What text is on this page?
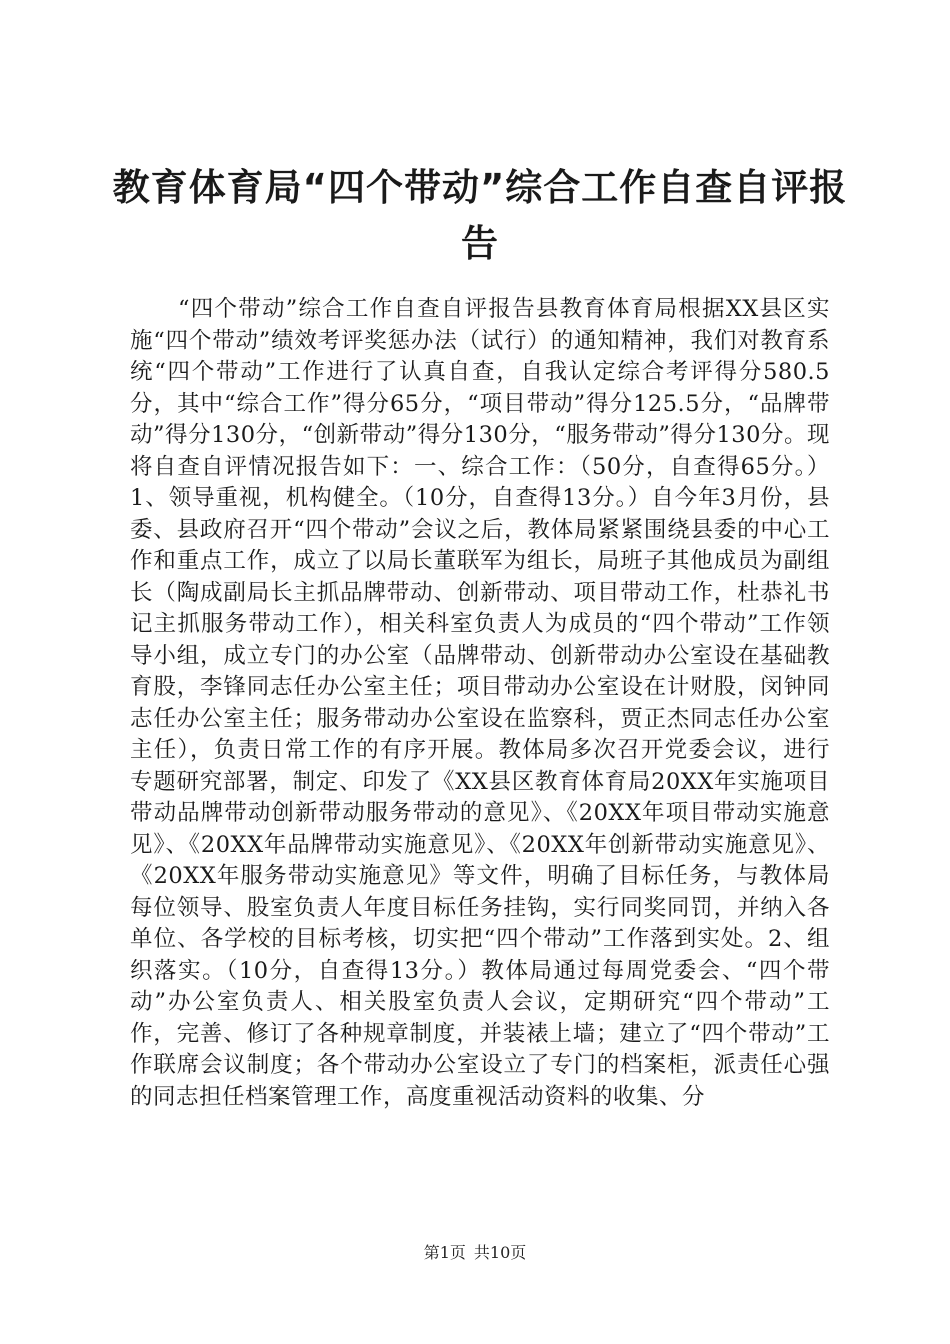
教育体育局“四个带动”综合工作自查自评报告

“四个带动”综合工作自查自评报告县教育体育局根据XX县区实施“四个带动”绩效考评奖惩办法（试行）的通知精神，我们对教育系统“四个带动”工作进行了认真自查，自我认定综合考评得分580.5分，其中“综合工作”得分65分，“项目带动”得分125.5分，“品牌带动”得分130分，“创新带动”得分130分，“服务带动”得分130分。现将自查自评情况报告如下：一、综合工作：（50分，自查得65分。）1、领导重视，机构健全。（10分，自查得13分。）自今年3月份，县委、县政府召开“四个带动”会议之后，教体局紧紧围绕县委的中心工作和重点工作，成立了以局长董联军为组长，局班子其他成员为副组长（陶成副局长主抓品牌带动、创新带动、项目带动工作，杜恭礼书记主抓服务带动工作），相关科室负责人为成员的“四个带动”工作领导小组，成立专门的办公室（品牌带动、创新带动办公室设在基础教育股，李锋同志任办公室主任；项目带动办公室设在计财股，闵钟同志任办公室主任；服务带动办公室设在监察科，贾正杰同志任办公室主任），负责日常工作的有序开展。教体局多次召开党委会议，进行专题研究部署，制定、印发了《XX县区教育体育局20XX年实施项目带动品牌带动创新带动服务带动的意见》、《20XX年项目带动实施意见》、《20XX年品牌带动实施意见》、《20XX年创新带动实施意见》、《20XX年服务带动实施意见》等文件，明确了目标任务，与教体局每位领导、股室负责人年度目标任务挂钩，实行同奖同罚，并纳入各单位、各学校的目标考核，切实把“四个带动”工作落到实处。2、组织落实。（10分，自查得13分。）教体局通过每周党委会、“四个带动”办公室负责人、相关股室负责人会议，定期研究“四个带动”工作，完善、修订了各种规章制度，并装裱上墙；建立了“四个带动”工作联席会议制度；各个带动办公室设立了专门的档案柜，派责任心强的同志担任档案管理工作，高度重视活动资料的收集、分

第1页 共10页
